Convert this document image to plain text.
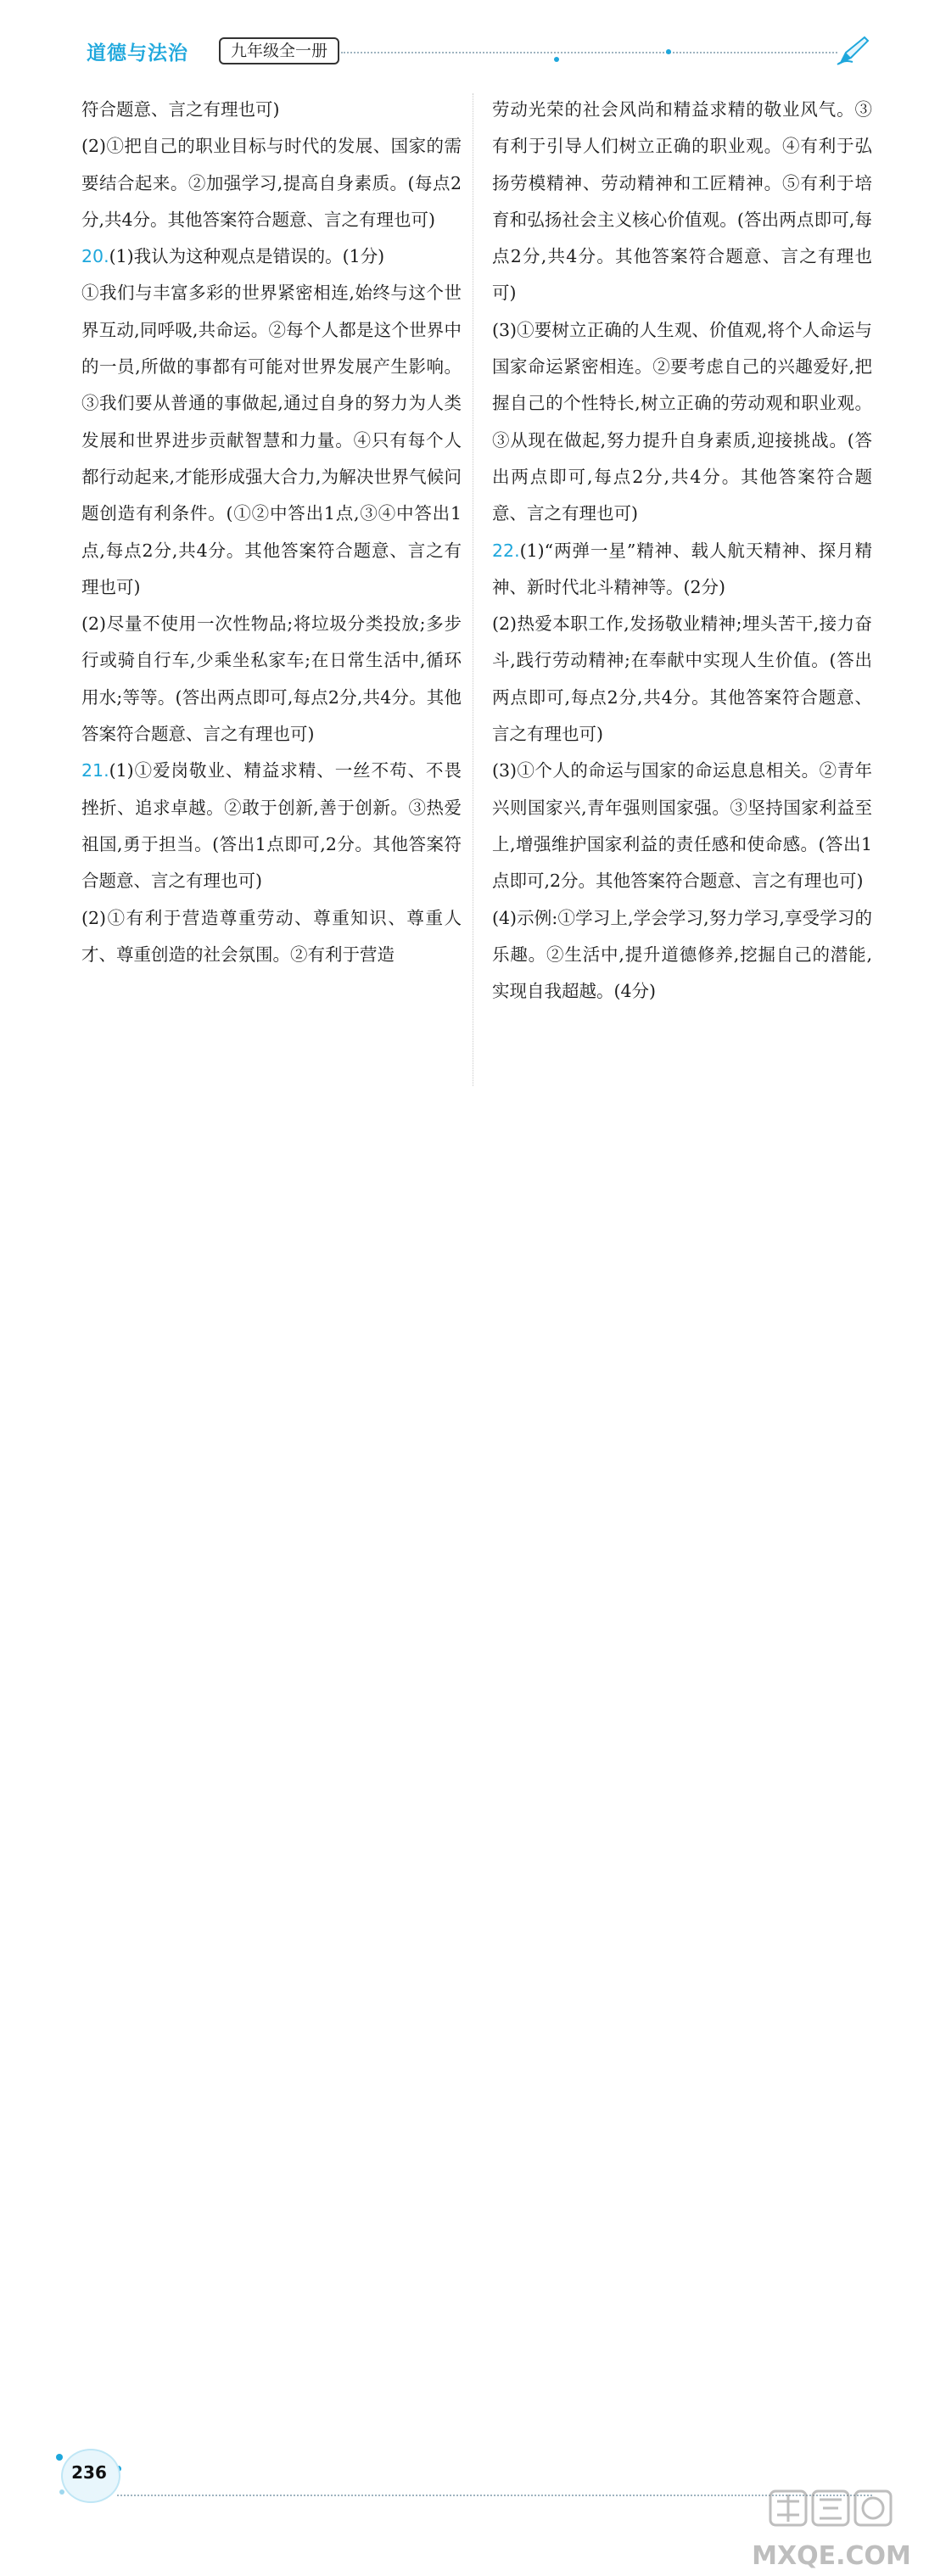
道德与法治	九年级全一册

符合题意、言之有理也可)

(2)①把自己的职业目标与时代的发展、国家的需要结合起来。②加强学习,提高自身素质。(每点2分,共4分。其他答案符合题意、言之有理也可)

20.(1)我认为这种观点是错误的。(1分)

①我们与丰富多彩的世界紧密相连,始终与这个世界互动,同呼吸,共命运。②每个人都是这个世界中的一员,所做的事都有可能对世界发展产生影响。③我们要从普通的事做起,通过自身的努力为人类发展和世界进步贡献智慧和力量。④只有每个人都行动起来,才能形成强大合力,为解决世界气候问题创造有利条件。(①②中答出1点,③④中答出1点,每点2分,共4分。其他答案符合题意、言之有理也可)

(2)尽量不使用一次性物品;将垃圾分类投放;多步行或骑自行车,少乘坐私家车;在日常生活中,循环用水;等等。(答出两点即可,每点2分,共4分。其他答案符合题意、言之有理也可)

21.(1)①爱岗敬业、精益求精、一丝不苟、不畏挫折、追求卓越。②敢于创新,善于创新。③热爱祖国,勇于担当。(答出1点即可,2分。其他答案符合题意、言之有理也可)

(2)①有利于营造尊重劳动、尊重知识、尊重人才、尊重创造的社会氛围。②有利于营造

劳动光荣的社会风尚和精益求精的敬业风气。③有利于引导人们树立正确的职业观。④有利于弘扬劳模精神、劳动精神和工匠精神。⑤有利于培育和弘扬社会主义核心价值观。(答出两点即可,每点2分,共4分。其他答案符合题意、言之有理也可)

(3)①要树立正确的人生观、价值观,将个人命运与国家命运紧密相连。②要考虑自己的兴趣爱好,把握自己的个性特长,树立正确的劳动观和职业观。③从现在做起,努力提升自身素质,迎接挑战。(答出两点即可,每点2分,共4分。其他答案符合题意、言之有理也可)

22.(1)“两弹一星”精神、载人航天精神、探月精神、新时代北斗精神等。(2分)

(2)热爱本职工作,发扬敬业精神;埋头苦干,接力奋斗,践行劳动精神;在奉献中实现人生价值。(答出两点即可,每点2分,共4分。其他答案符合题意、言之有理也可)

(3)①个人的命运与国家的命运息息相关。②青年兴则国家兴,青年强则国家强。③坚持国家利益至上,增强维护国家利益的责任感和使命感。(答出1点即可,2分。其他答案符合题意、言之有理也可)

(4)示例:①学习上,学会学习,努力学习,享受学习的乐趣。②生活中,提升道德修养,挖掘自己的潜能,实现自我超越。(4分)

236
MXQE.COM
